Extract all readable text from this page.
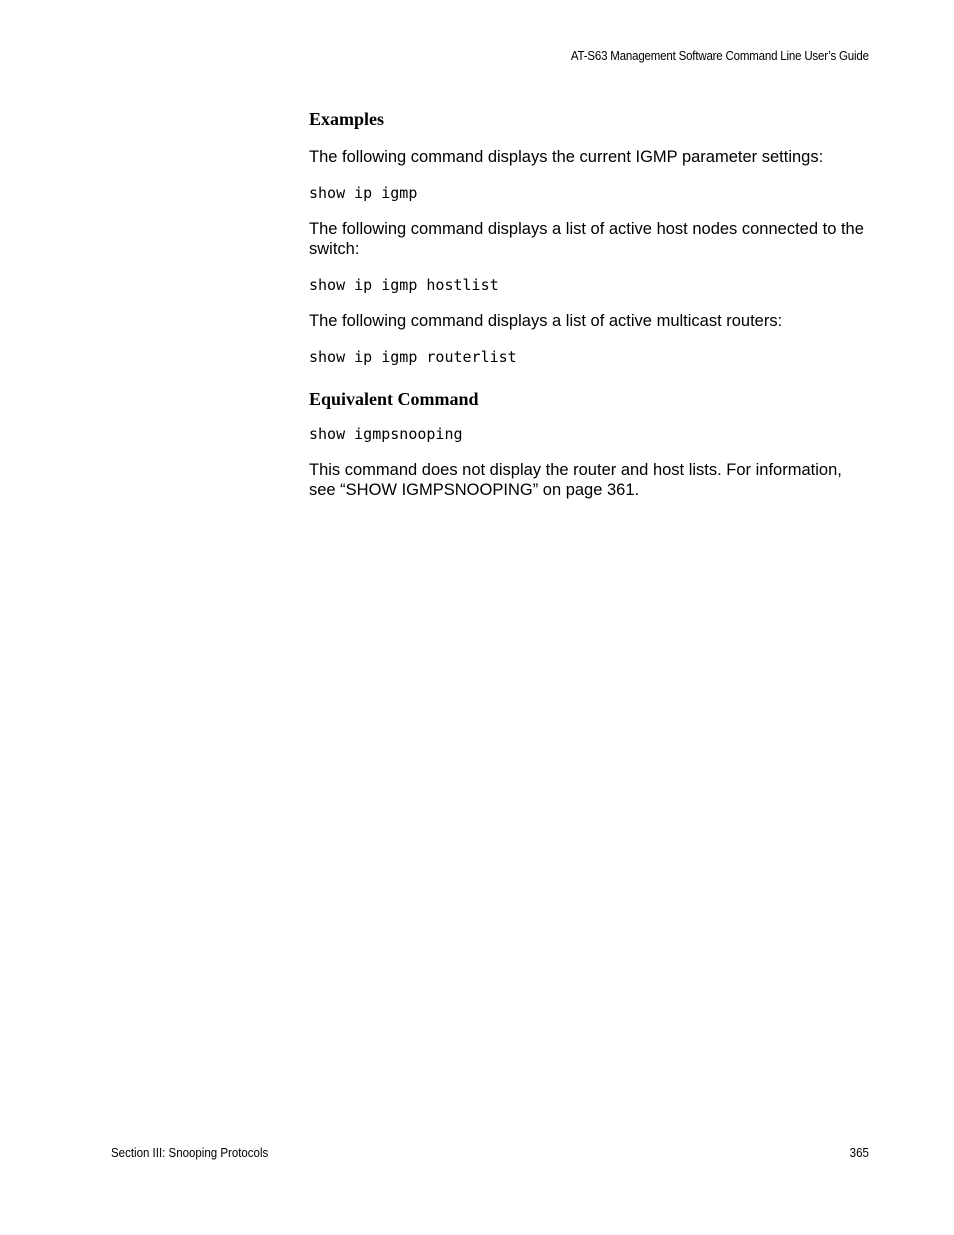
AT-S63 Management Software Command Line User’s Guide
Examples
The following command displays the current IGMP parameter settings:
show ip igmp
The following command displays a list of active host nodes connected to the switch:
show ip igmp hostlist
The following command displays a list of active multicast routers:
show ip igmp routerlist
Equivalent Command
show igmpsnooping
This command does not display the router and host lists. For information,
see “SHOW IGMPSNOOPING” on page 361.
Section III: Snooping Protocols	365
